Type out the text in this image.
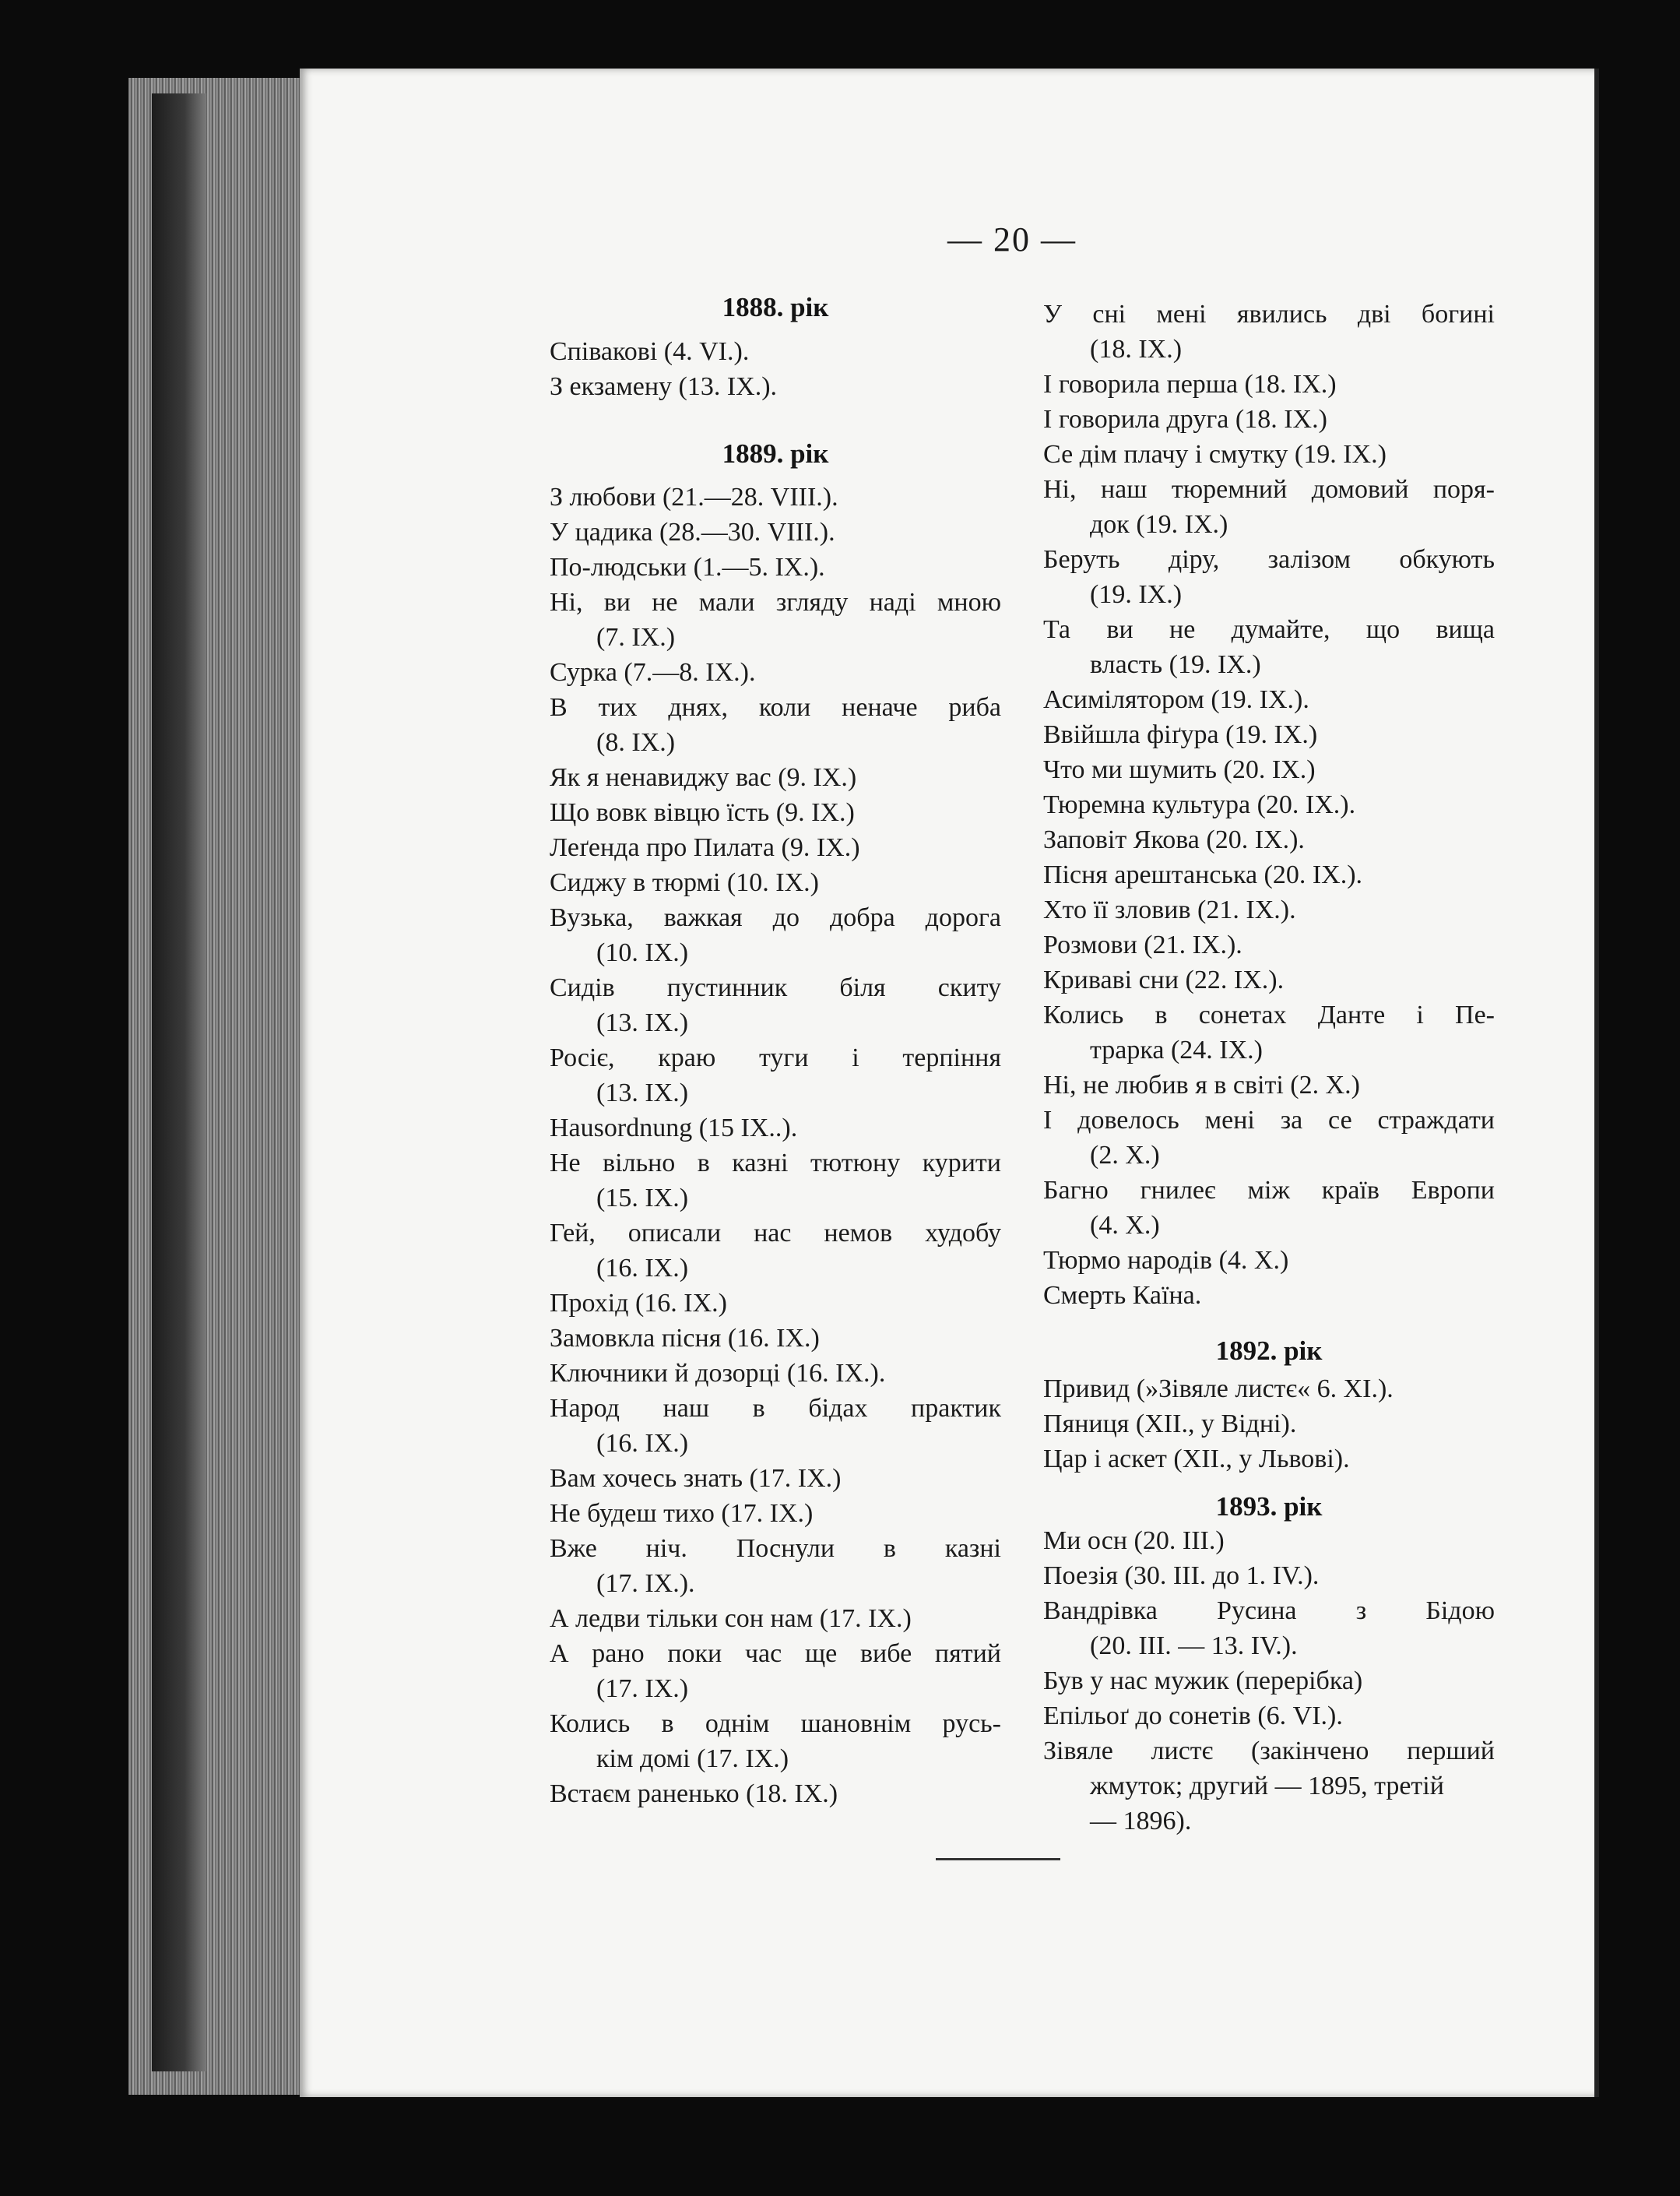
— 20 —
1888. рік
Співакові (4. VI.).
З екзамену (13. IX.).
1889. рік
З любови (21.—28. VIII.).
У цадика (28.—30. VIII.).
По-людськи (1.—5. IX.).
Ні, ви не мали зглядy наді мною
(7. IX.)
Сурка (7.—8. IX.).
В тих днях, коли неначе риба
(8. IX.)
Як я ненавиджу вас (9. IX.)
Що вовк вівцю їсть (9. IX.)
Леґенда про Пилата (9. IX.)
Сиджу в тюрмі (10. IX.)
Вузька, важкая до добра дорога
(10. IX.)
Сидів пустинник біля скиту
(13. IX.)
Росіє, краю туги і терпіння
(13. IX.)
Hausordnung (15 IX..).
Не вільно в казні тютюну курити
(15. IX.)
Гей, описали нас немов худобу
(16. IX.)
Прохід (16. IX.)
Замовкла пісня (16. IX.)
Ключники й дозорці (16. IX.).
Народ наш в бідах практик
(16. IX.)
Вам хочесь знать (17. IX.)
Не будеш тихо (17. IX.)
Вже ніч. Поснули в казні
(17. IX.).
А ледви тільки сон нам (17. IX.)
А рано поки час ще вибе пятий
(17. IX.)
Колись в однім шановнім русь-
кім домі (17. IX.)
Встаєм раненько (18. IX.)
У сні мені явились дві богині
(18. IX.)
І говорила перша (18. IX.)
І говорила друга (18. IX.)
Се дім плачу і смутку (19. IX.)
Ні, наш тюремний домовий поря-
док (19. IX.)
Беруть діру, залізом обкують
(19. IX.)
Та ви не думайте, що вища
власть (19. IX.)
Асимілятором (19. IX.).
Ввійшла фіґура (19. IX.)
Что ми шумить (20. IX.)
Тюремна культура (20. IX.).
Заповіт Якова (20. IX.).
Пісня арештанська (20. IX.).
Хто її зловив (21. IX.).
Розмови (21. IX.).
Криваві сни (22. IX.).
Колись в сонетах Данте і Пе-
трарка (24. IX.)
Ні, не любив я в світі (2. X.)
І довелось мені за се страждати
(2. X.)
Багно гнилеє між країв Европи
(4. X.)
Тюрмо народів (4. X.)
Смерть Каїна.
1892. рік
Привид (»Зівяле листє« 6. XI.).
Пяниця (XII., у Відні).
Цар і аскет (XII., у Львові).
1893. рік
Ми осн (20. III.)
Поезія (30. III. до 1. IV.).
Вандрівка Русина з Бідою
(20. III. — 13. IV.).
Був у нас мужик (перерібка)
Епільоґ до сонетів (6. VI.).
Зівяле листє (закінчено перший
жмуток; другий — 1895, третій
— 1896).
